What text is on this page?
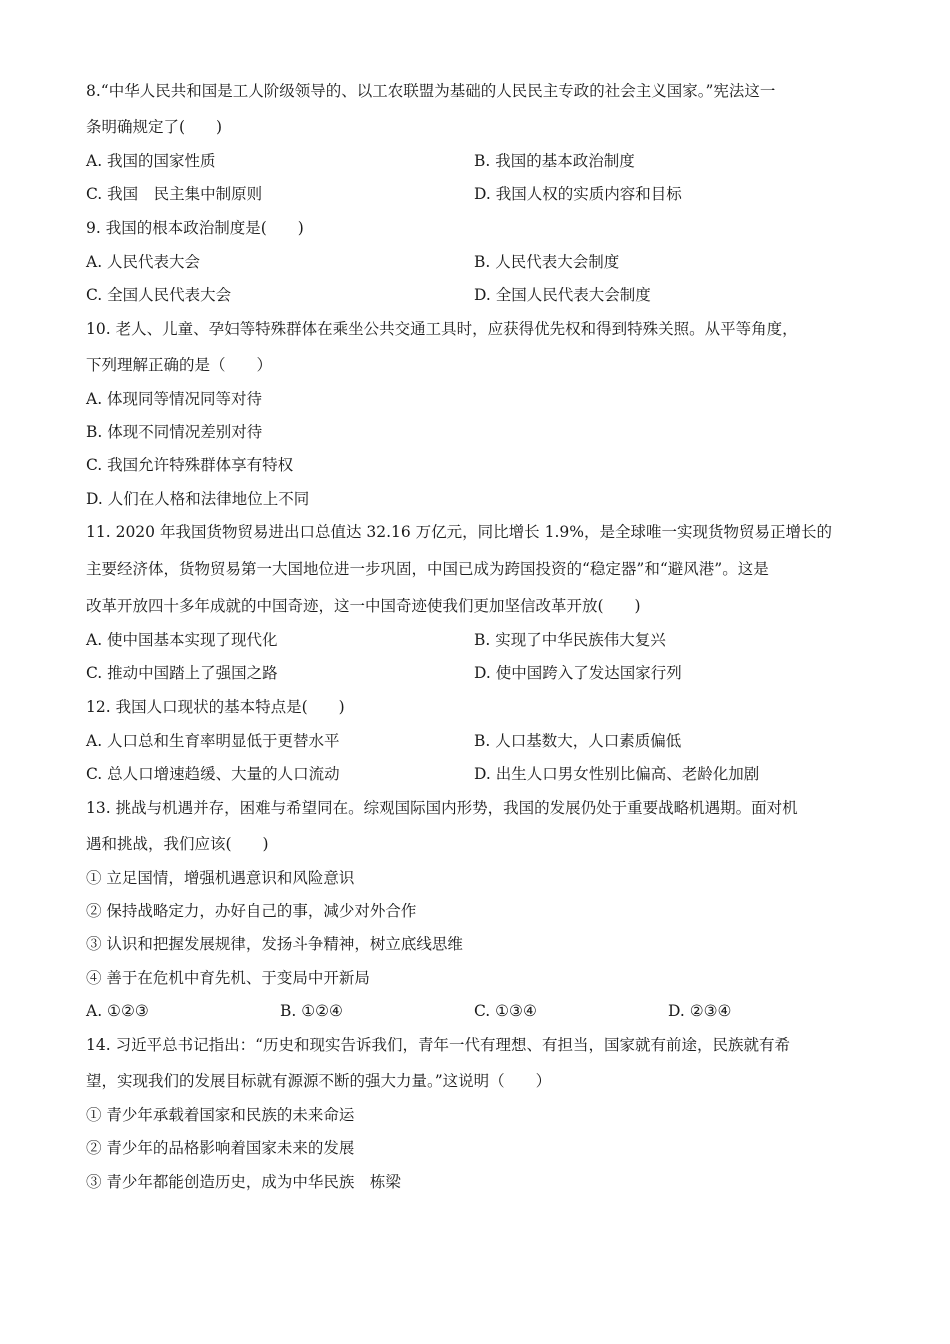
8.“中华人民共和国是工人阶级领导的、以工农联盟为基础的人民民主专政的社会主义国家。”宪法这一
条明确规定了(　　)
A. 我国的国家性质	B. 我国的基本政治制度
C. 我国　民主集中制原则	D. 我国人权的实质内容和目标
9. 我国的根本政治制度是(　　)
A. 人民代表大会	B. 人民代表大会制度
C. 全国人民代表大会	D. 全国人民代表大会制度
10. 老人、儿童、孕妇等特殊群体在乘坐公共交通工具时，应获得优先权和得到特殊关照。从平等角度，
下列理解正确的是（　　）
A. 体现同等情况同等对待
B. 体现不同情况差别对待
C. 我国允许特殊群体享有特权
D. 人们在人格和法律地位上不同
11. 2020 年我国货物贸易进出口总值达 32.16 万亿元，同比增长 1.9%，是全球唯一实现货物贸易正增长的
主要经济体，货物贸易第一大国地位进一步巩固，中国已成为跨国投资的“稳定器”和“避风港”。这是
改革开放四十多年成就的中国奇迹，这一中国奇迹使我们更加坚信改革开放(　　)
A. 使中国基本实现了现代化	B. 实现了中华民族伟大复兴
C. 推动中国踏上了强国之路	D. 使中国跨入了发达国家行列
12. 我国人口现状的基本特点是(　　)
A. 人口总和生育率明显低于更替水平	B. 人口基数大，人口素质偏低
C. 总人口增速趋缓、大量的人口流动	D. 出生人口男女性别比偏高、老龄化加剧
13. 挑战与机遇并存，困难与希望同在。综观国际国内形势，我国的发展仍处于重要战略机遇期。面对机
遇和挑战，我们应该(　　)
① 立足国情，增强机遇意识和风险意识
② 保持战略定力，办好自己的事，减少对外合作
③ 认识和把握发展规律，发扬斗争精神，树立底线思维
④ 善于在危机中育先机、于变局中开新局
A. ①②③	B. ①②④	C. ①③④	D. ②③④
14. 习近平总书记指出：“历史和现实告诉我们，青年一代有理想、有担当，国家就有前途，民族就有希
望，实现我们的发展目标就有源源不断的强大力量。”这说明（　　）
① 青少年承载着国家和民族的未来命运
② 青少年的品格影响着国家未来的发展
③ 青少年都能创造历史，成为中华民族　栋梁
